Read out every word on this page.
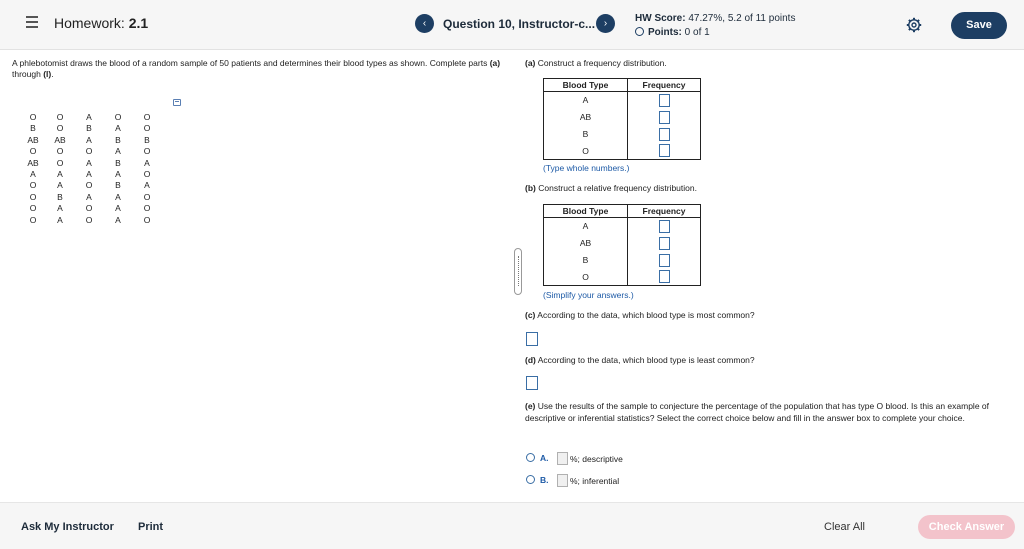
Homework: 2.1	‹	Question 10, Instructor-c... ›	HW Score: 47.27%, 5.2 of 11 points
Points: 0 of 1
Save
A phlebotomist draws the blood of a random sample of 50 patients and determines their blood types as shown. Complete parts (a) through (l).
O	O	A	O	O
B	O	B	A	O
AB	AB	A	B	B
O	O	O	A	O
AB	O	A	B	A
A	A	A	A	O
O	A	O	B	A
O	B	A	A	O
O	A	O	A	O
O	A	O	A	O
(a) Construct a frequency distribution.
Blood Type	Frequency
A	
AB	
B	
O	
(Type whole numbers.)
(b) Construct a relative frequency distribution.
Blood Type	Frequency
A	
AB	
B	
O	
(Simplify your answers.)
(c) According to the data, which blood type is most common?
(d) According to the data, which blood type is least common?
(e) Use the results of the sample to conjecture the percentage of the population that has type O blood. Is this an example of descriptive or inferential statistics? Select the correct choice below and fill in the answer box to complete your choice.
A.	%; descriptive
B.	%; inferential
Ask My Instructor Print	Clear All	Check Answer
